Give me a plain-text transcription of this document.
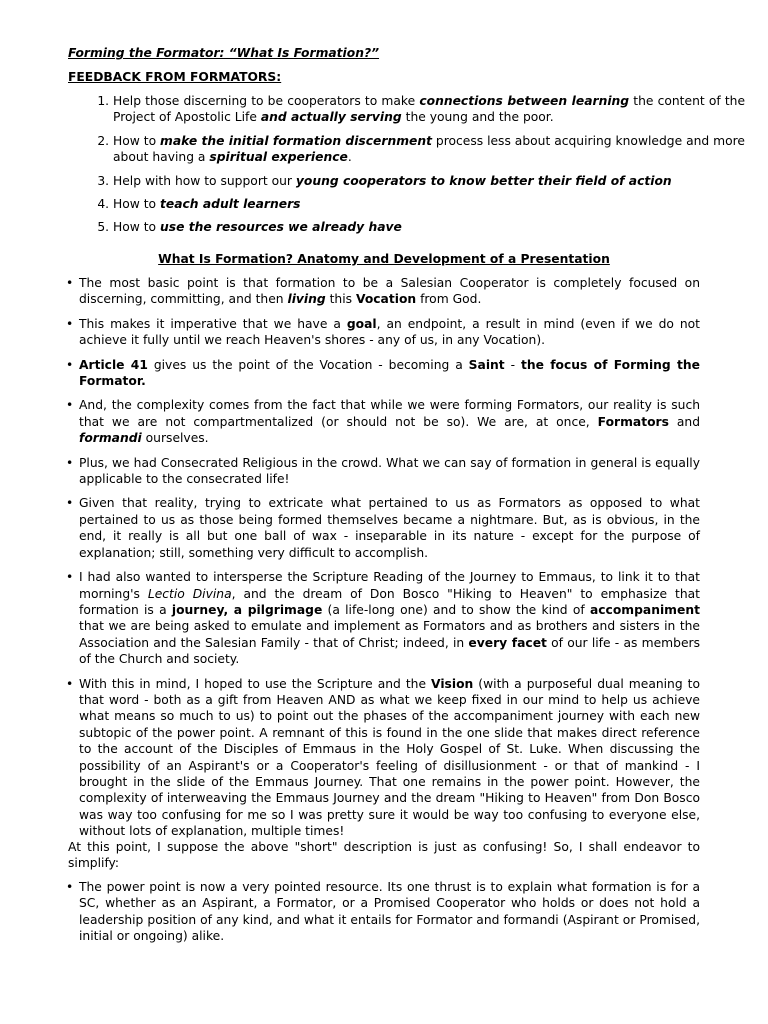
Forming the Formator: “What Is Formation?”
FEEDBACK FROM FORMATORS:
1. Help those discerning to be cooperators to make connections between learning the content of the Project of Apostolic Life and actually serving the young and the poor.
2. How to make the initial formation discernment process less about acquiring knowledge and more about having a spiritual experience.
3. Help with how to support our young cooperators to know better their field of action
4. How to teach adult learners
5. How to use the resources we already have
What Is Formation? Anatomy and Development of a Presentation
• The most basic point is that formation to be a Salesian Cooperator is completely focused on discerning, committing, and then living this Vocation from God.
• This makes it imperative that we have a goal, an endpoint, a result in mind (even if we do not achieve it fully until we reach Heaven's shores - any of us, in any Vocation).
• Article 41 gives us the point of the Vocation - becoming a Saint - the focus of Forming the Formator.
• And, the complexity comes from the fact that while we were forming Formators, our reality is such that we are not compartmentalized (or should not be so). We are, at once, Formators and formandi ourselves.
• Plus, we had Consecrated Religious in the crowd. What we can say of formation in general is equally applicable to the consecrated life!
• Given that reality, trying to extricate what pertained to us as Formators as opposed to what pertained to us as those being formed themselves became a nightmare. But, as is obvious, in the end, it really is all but one ball of wax - inseparable in its nature - except for the purpose of explanation; still, something very difficult to accomplish.
• I had also wanted to intersperse the Scripture Reading of the Journey to Emmaus, to link it to that morning's Lectio Divina, and the dream of Don Bosco "Hiking to Heaven" to emphasize that formation is a journey, a pilgrimage (a life-long one) and to show the kind of accompaniment that we are being asked to emulate and implement as Formators and as brothers and sisters in the Association and the Salesian Family - that of Christ; indeed, in every facet of our life - as members of the Church and society.
• With this in mind, I hoped to use the Scripture and the Vision (with a purposeful dual meaning to that word - both as a gift from Heaven AND as what we keep fixed in our mind to help us achieve what means so much to us) to point out the phases of the accompaniment journey with each new subtopic of the power point. A remnant of this is found in the one slide that makes direct reference to the account of the Disciples of Emmaus in the Holy Gospel of St. Luke. When discussing the possibility of an Aspirant's or a Cooperator's feeling of disillusionment - or that of mankind - I brought in the slide of the Emmaus Journey. That one remains in the power point. However, the complexity of interweaving the Emmaus Journey and the dream "Hiking to Heaven" from Don Bosco was way too confusing for me so I was pretty sure it would be way too confusing to everyone else, without lots of explanation, multiple times!
At this point, I suppose the above "short" description is just as confusing! So, I shall endeavor to simplify:
• The power point is now a very pointed resource. Its one thrust is to explain what formation is for a SC, whether as an Aspirant, a Formator, or a Promised Cooperator who holds or does not hold a leadership position of any kind, and what it entails for Formator and formandi (Aspirant or Promised, initial or ongoing) alike.
